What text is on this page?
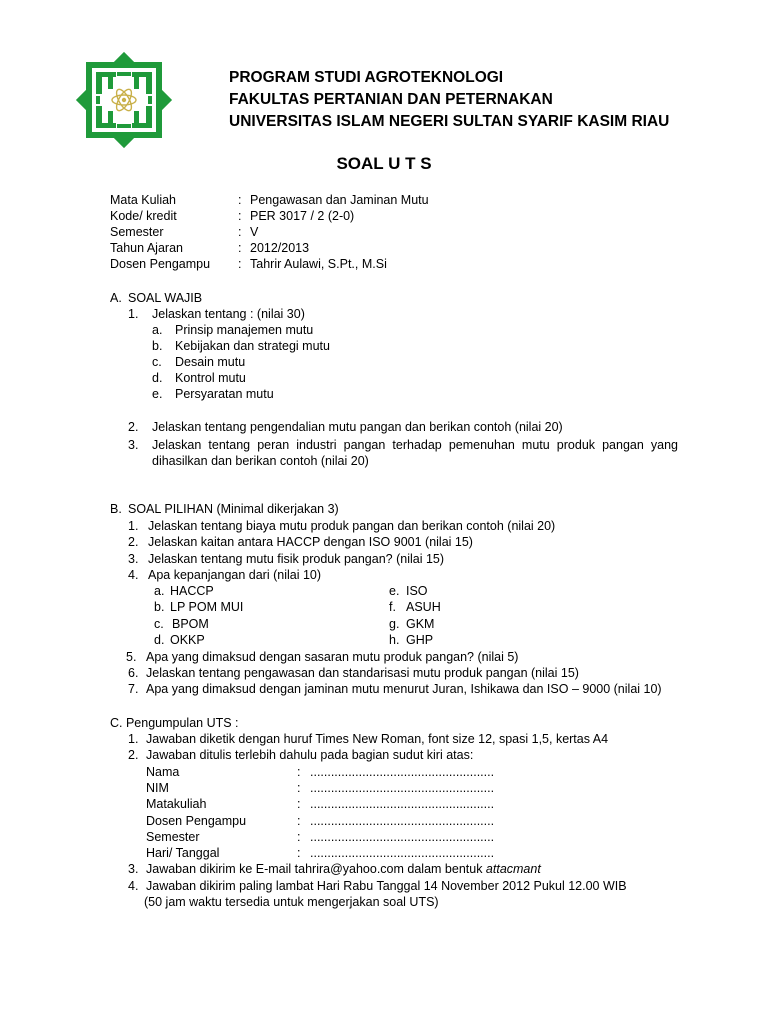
PROGRAM STUDI AGROTEKNOLOGI
FAKULTAS PERTANIAN DAN PETERNAKAN
UNIVERSITAS ISLAM NEGERI SULTAN SYARIF KASIM RIAU
SOAL U T S
Mata Kuliah	: Pengawasan dan Jaminan Mutu
Kode/ kredit	: PER 3017 / 2 (2-0)
Semester	: V
Tahun Ajaran	: 2012/2013
Dosen Pengampu : Tahrir Aulawi, S.Pt., M.Si
A. SOAL WAJIB
1. Jelaskan tentang : (nilai 30)
a. Prinsip manajemen mutu
b. Kebijakan dan strategi mutu
c. Desain mutu
d. Kontrol mutu
e. Persyaratan mutu
2. Jelaskan tentang pengendalian mutu pangan dan berikan contoh (nilai 20)
3. Jelaskan tentang peran industri pangan terhadap pemenuhan mutu produk pangan yang
dihasilkan dan berikan contoh (nilai 20)
B. SOAL PILIHAN (Minimal dikerjakan 3)
1. Jelaskan tentang biaya mutu produk pangan dan berikan contoh (nilai 20)
2. Jelaskan kaitan antara HACCP dengan ISO 9001 (nilai 15)
3. Jelaskan tentang mutu fisik produk pangan? (nilai 15)
4. Apa kepanjangan dari (nilai 10)
a. HACCP
b. LP POM MUI
c. BPOM
d. OKKP
e. ISO
f. ASUH
g. GKM
h. GHP
5. Apa yang dimaksud dengan sasaran mutu produk pangan? (nilai 5)
6. Jelaskan tentang pengawasan dan standarisasi mutu produk pangan (nilai 15)
7. Apa yang dimaksud dengan jaminan mutu menurut Juran, Ishikawa dan ISO – 9000 (nilai 10)
C. Pengumpulan UTS :
1. Jawaban diketik dengan huruf Times New Roman, font size 12, spasi 1,5, kertas A4
2. Jawaban ditulis terlebih dahulu pada bagian sudut kiri atas:
Nama	: .....................................................
NIM	: .....................................................
Matakuliah	: .....................................................
Dosen Pengampu	: .....................................................
Semester	: .....................................................
Hari/ Tanggal	: .....................................................
3. Jawaban dikirim ke E-mail tahrira@yahoo.com dalam bentuk attacmant
4. Jawaban dikirim paling lambat Hari Rabu Tanggal 14 November 2012 Pukul 12.00 WIB
(50 jam waktu tersedia untuk mengerjakan soal UTS)
